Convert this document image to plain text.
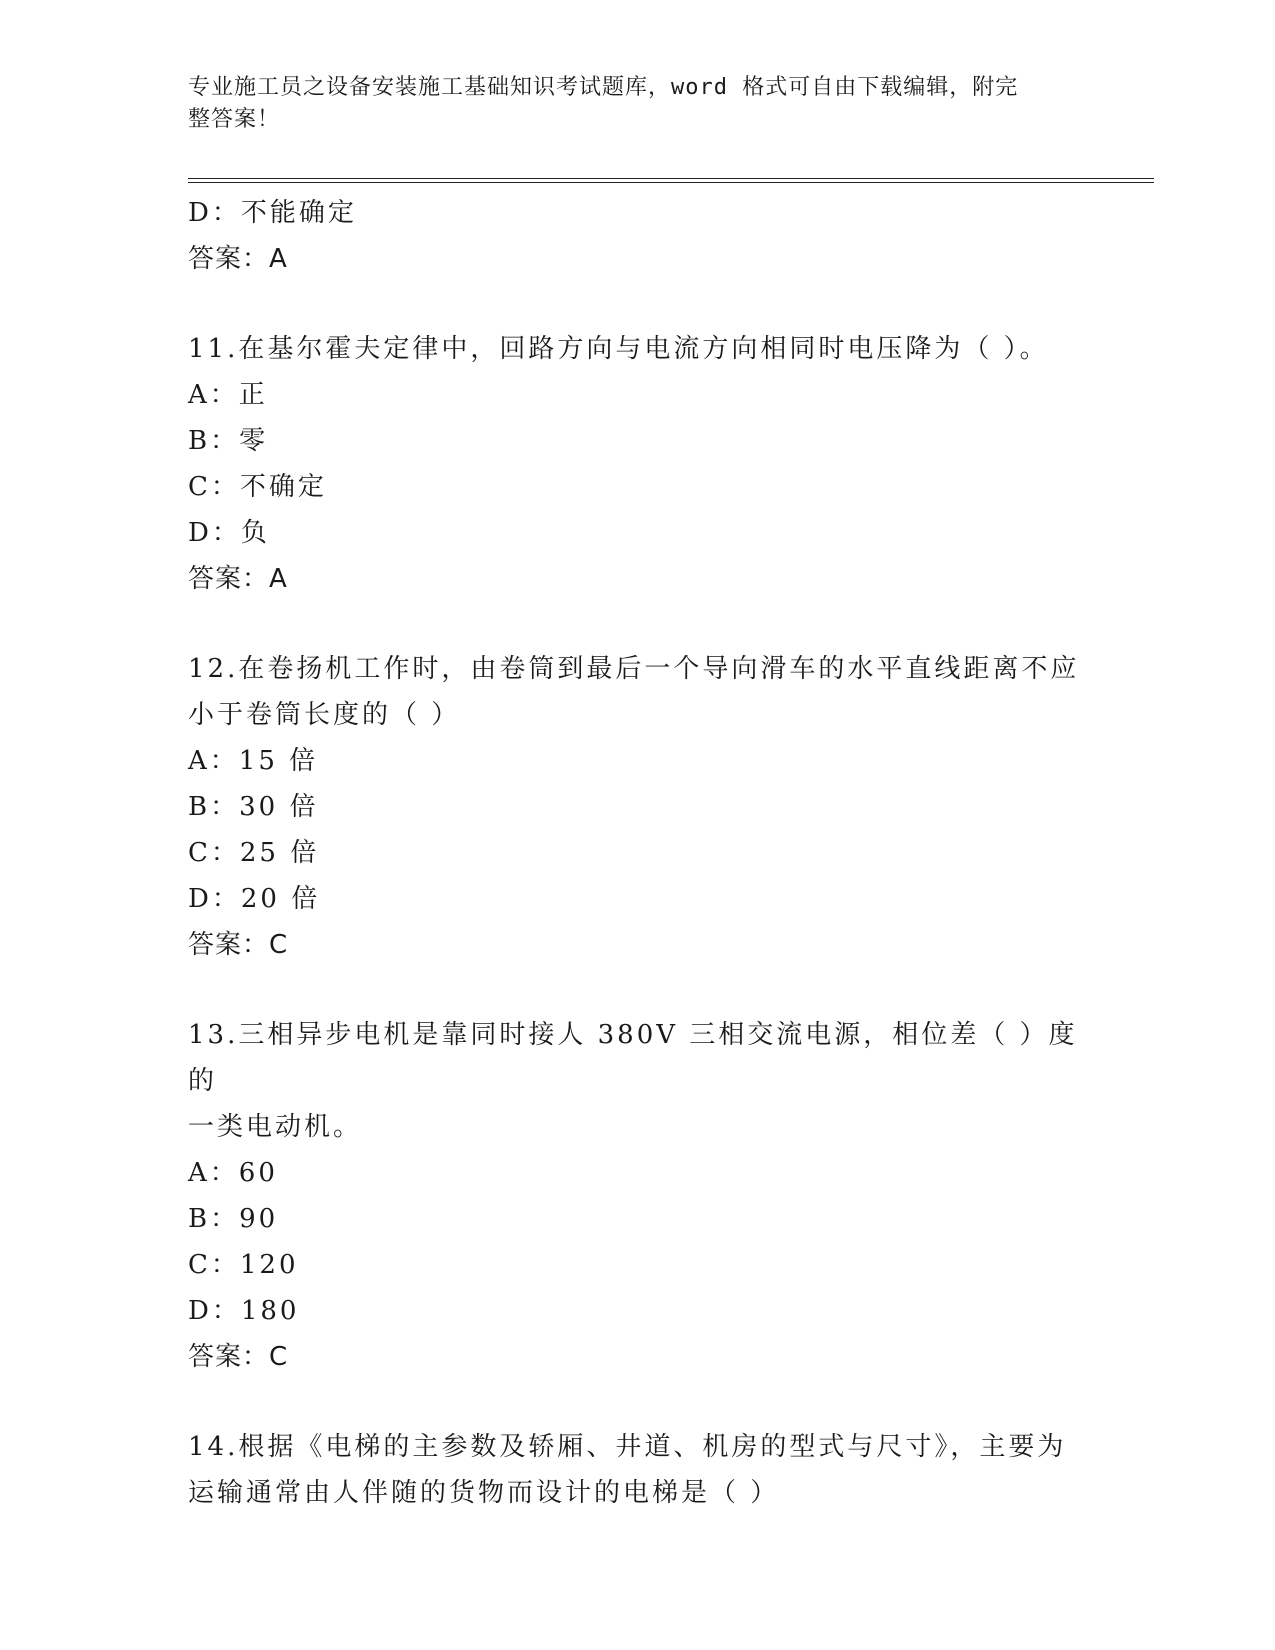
专业施工员之设备安装施工基础知识考试题库，word 格式可自由下载编辑，附完
整答案！
D：不能确定
答案：A
11.在基尔霍夫定律中，回路方向与电流方向相同时电压降为（ ）。
A：正
B：零
C：不确定
D：负
答案：A
12.在卷扬机工作时，由卷筒到最后一个导向滑车的水平直线距离不应
小于卷筒长度的（ ）
A：15 倍
B：30 倍
C：25 倍
D：20 倍
答案：C
13.三相异步电机是靠同时接人 380V 三相交流电源，相位差（ ）度的
一类电动机。
A：60
B：90
C：120
D：180
答案：C
14.根据《电梯的主参数及轿厢、井道、机房的型式与尺寸》，主要为
运输通常由人伴随的货物而设计的电梯是（ ）
